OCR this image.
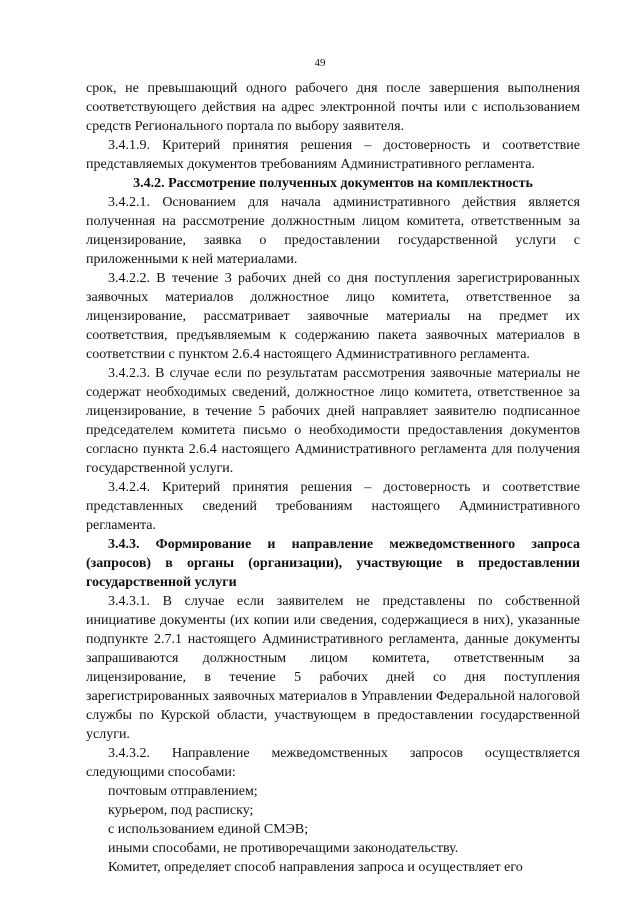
49

срок, не превышающий одного рабочего дня после завершения выполнения соответствующего действия на адрес электронной почты или с использованием средств Регионального портала по выбору заявителя.

3.4.1.9. Критерий принятия решения – достоверность и соответствие представляемых документов требованиям Административного регламента.

3.4.2. Рассмотрение полученных документов на комплектность

3.4.2.1. Основанием для начала административного действия является полученная на рассмотрение должностным лицом комитета, ответственным за лицензирование, заявка о предоставлении государственной услуги с приложенными к ней материалами.

3.4.2.2. В течение 3 рабочих дней со дня поступления зарегистрированных заявочных материалов должностное лицо комитета, ответственное за лицензирование, рассматривает заявочные материалы на предмет их соответствия, предъявляемым к содержанию пакета заявочных материалов в соответствии с пунктом 2.6.4 настоящего Административного регламента.

3.4.2.3. В случае если по результатам рассмотрения заявочные материалы не содержат необходимых сведений, должностное лицо комитета, ответственное за лицензирование, в течение 5 рабочих дней направляет заявителю подписанное председателем комитета письмо о необходимости предоставления документов согласно пункта 2.6.4 настоящего Административного регламента для получения государственной услуги.

3.4.2.4. Критерий принятия решения – достоверность и соответствие представленных сведений требованиям настоящего Административного регламента.

3.4.3. Формирование и направление межведомственного запроса (запросов) в органы (организации), участвующие в предоставлении государственной услуги

3.4.3.1. В случае если заявителем не представлены по собственной инициативе документы (их копии или сведения, содержащиеся в них), указанные подпункте 2.7.1 настоящего Административного регламента, данные документы запрашиваются должностным лицом комитета, ответственным за лицензирование, в течение 5 рабочих дней со дня поступления зарегистрированных заявочных материалов в Управлении Федеральной налоговой службы по Курской области, участвующем в предоставлении государственной услуги.

3.4.3.2. Направление межведомственных запросов осуществляется следующими способами:

почтовым отправлением;

курьером, под расписку;

с использованием единой СМЭВ;

иными способами, не противоречащими законодательству.

Комитет, определяет способ направления запроса и осуществляет его
